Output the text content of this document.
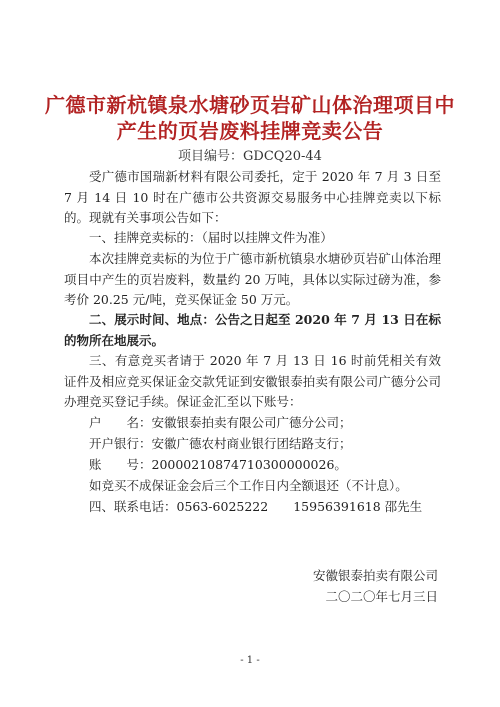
广德市新杭镇泉水塘砂页岩矿山体治理项目中
产生的页岩废料挂牌竞卖公告
项目编号：GDCQ20-44
受广德市国瑞新材料有限公司委托，定于 2020 年 7 月 3 日至 7 月 14 日 10 时在广德市公共资源交易服务中心挂牌竞卖以下标的。现就有关事项公告如下：
一、挂牌竞卖标的：（届时以挂牌文件为准）
本次挂牌竞卖标的为位于广德市新杭镇泉水塘砂页岩矿山体治理项目中产生的页岩废料，数量约 20 万吨，具体以实际过磅为准，参考价 20.25 元/吨，竞买保证金 50 万元。
二、展示时间、地点：公告之日起至 2020 年 7 月 13 日在标的物所在地展示。
三、有意竞买者请于 2020 年 7 月 13 日 16 时前凭相关有效证件及相应竞买保证金交款凭证到安徽银泰拍卖有限公司广德分公司办理竞买登记手续。保证金汇至以下账号：
户　　名：安徽银泰拍卖有限公司广德分公司；
开户银行：安徽广德农村商业银行团结路支行；
账　　号：20000210874710300000026。
如竞买不成保证金会后三个工作日内全额退还（不计息）。
四、联系电话：0563-6025222　　15956391618 邵先生
安徽银泰拍卖有限公司
二〇二〇年七月三日
- 1 -
